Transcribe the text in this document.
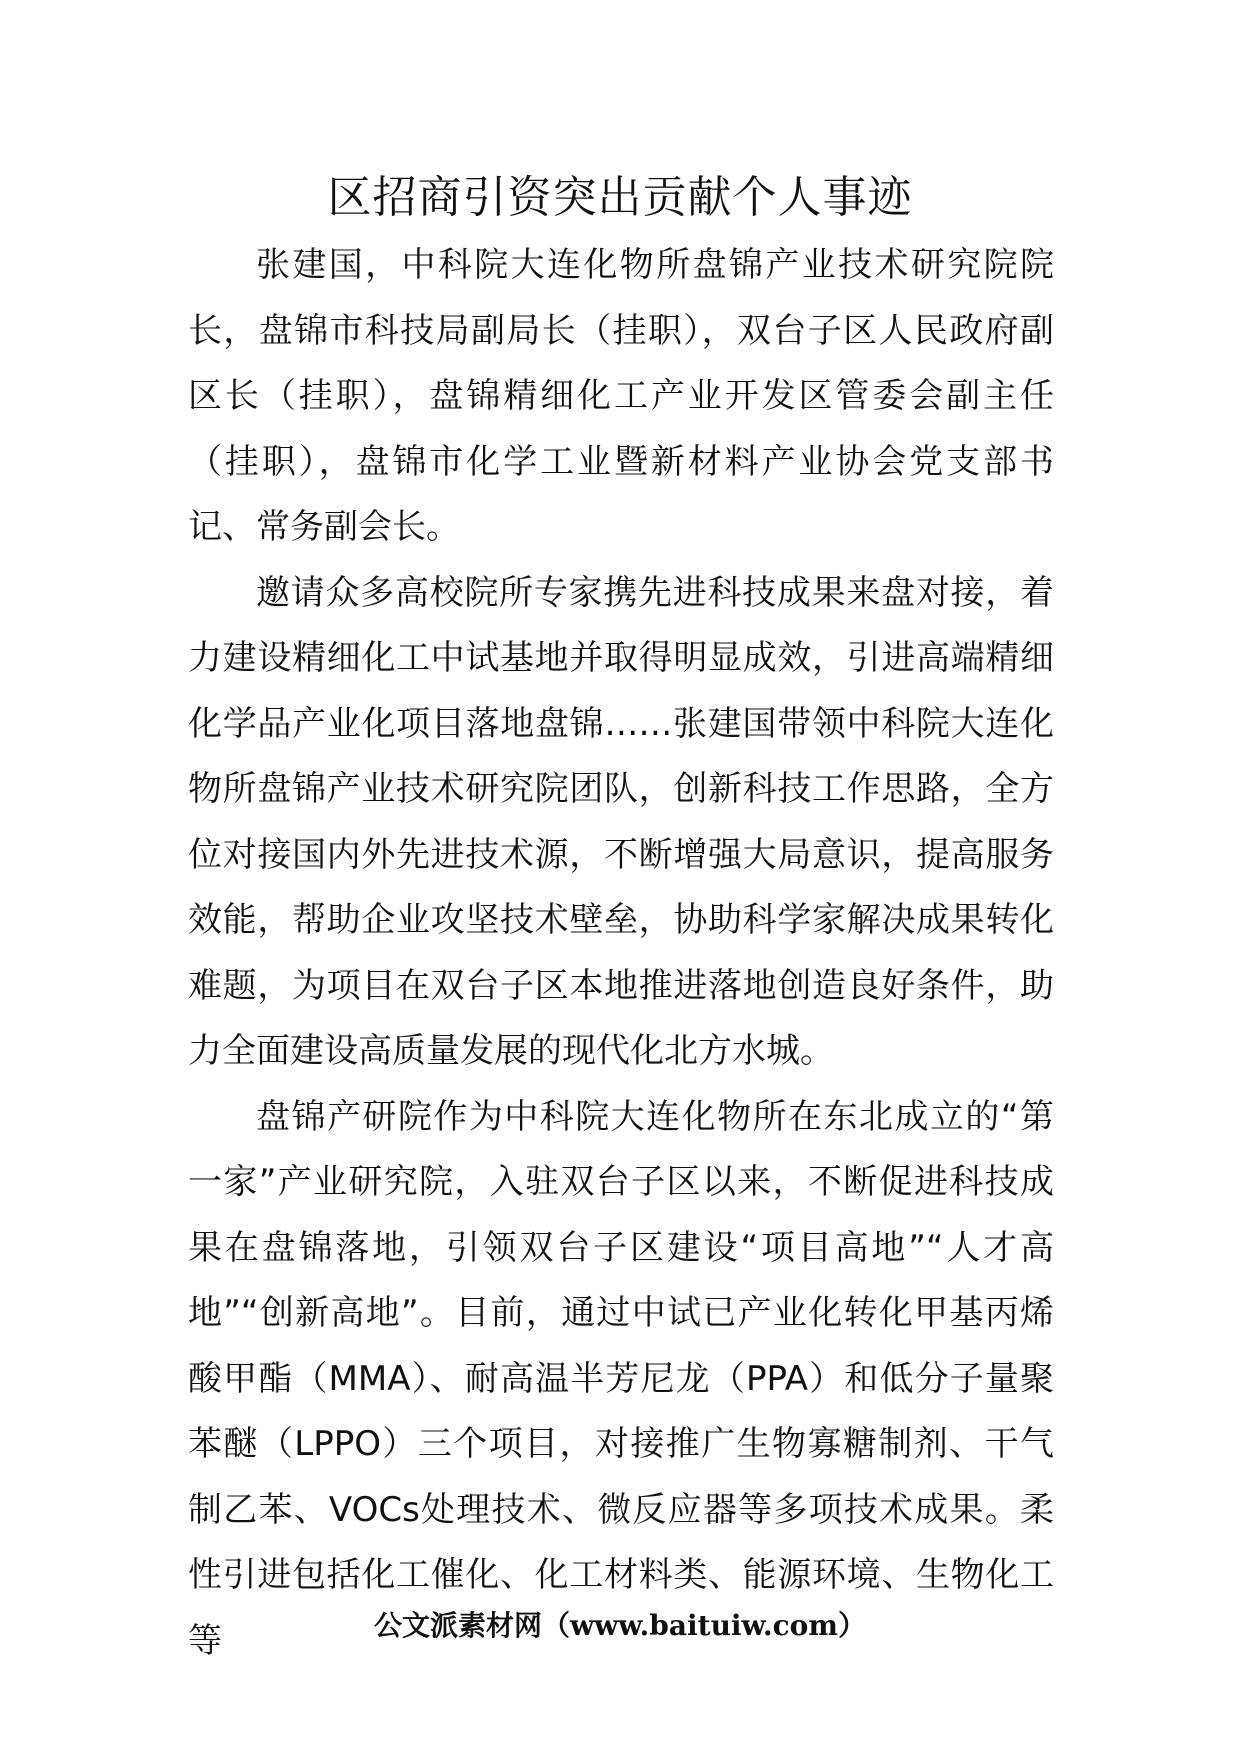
区招商引资突出贡献个人事迹

张建国，中科院大连化物所盘锦产业技术研究院院长，盘锦市科技局副局长（挂职），双台子区人民政府副区长（挂职），盘锦精细化工产业开发区管委会副主任（挂职），盘锦市化学工业暨新材料产业协会党支部书记、常务副会长。

邀请众多高校院所专家携先进科技成果来盘对接，着力建设精细化工中试基地并取得明显成效，引进高端精细化学品产业化项目落地盘锦……张建国带领中科院大连化物所盘锦产业技术研究院团队，创新科技工作思路，全方位对接国内外先进技术源，不断增强大局意识，提高服务效能，帮助企业攻坚技术壁垒，协助科学家解决成果转化难题，为项目在双台子区本地推进落地创造良好条件，助力全面建设高质量发展的现代化北方水城。

盘锦产研院作为中科院大连化物所在东北成立的“第一家”产业研究院，入驻双台子区以来，不断促进科技成果在盘锦落地，引领双台子区建设“项目高地”“人才高地”“创新高地”。目前，通过中试已产业化转化甲基丙烯酸甲酯（MMA）、耐高温半芳尼龙（PPA）和低分子量聚苯醚（LPPO）三个项目，对接推广生物寡糖制剂、干气制乙苯、VOCs处理技术、微反应器等多项技术成果。柔性引进包括化工催化、化工材料类、能源环境、生物化工等	公文派素材网（www.baituiw.com）
